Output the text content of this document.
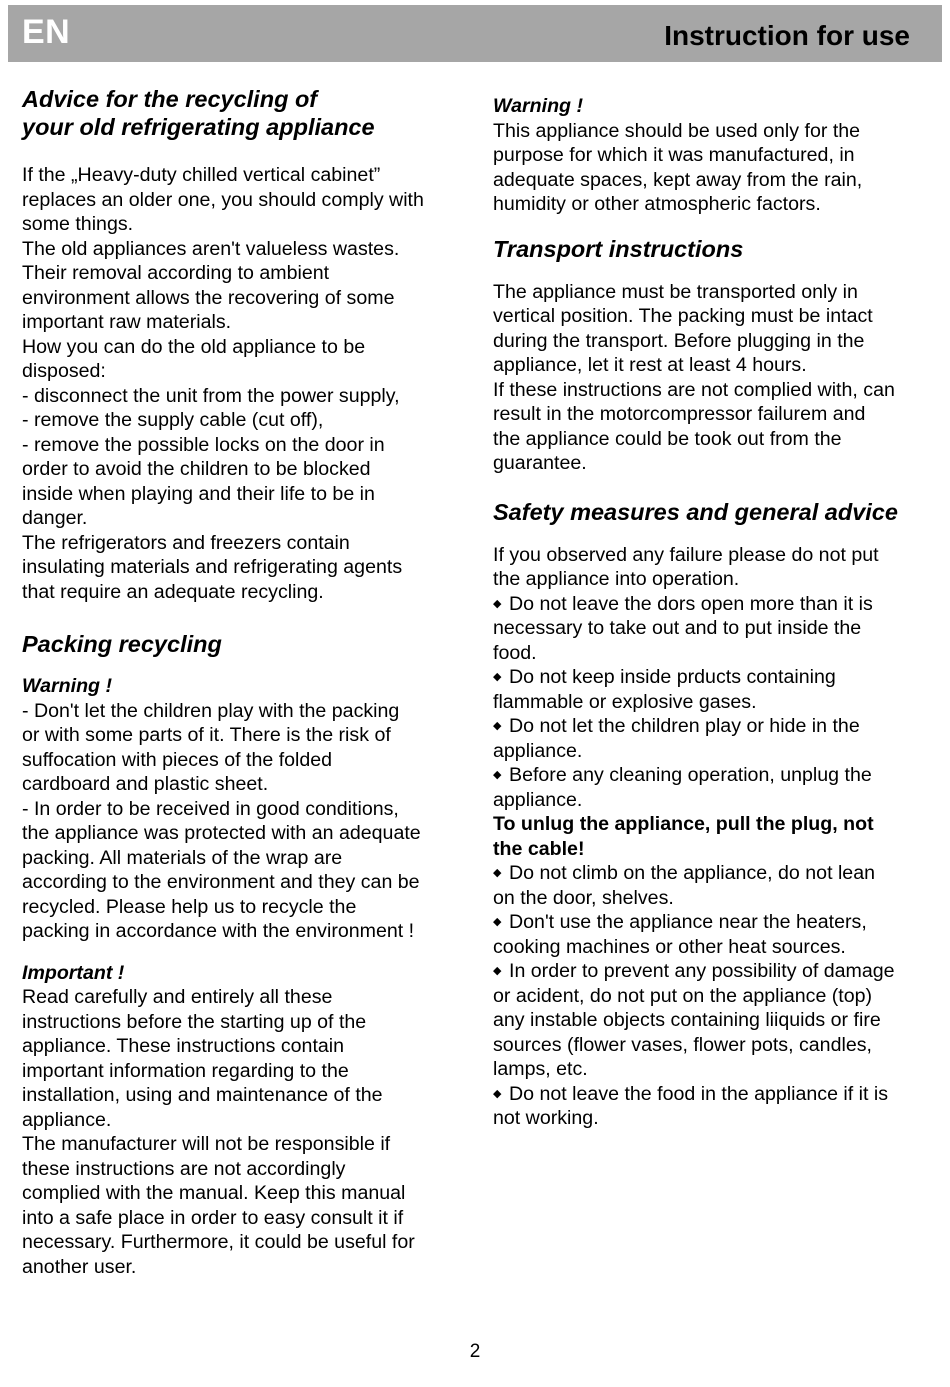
EN	Instruction for use
Advice for the recycling of
your old refrigerating appliance

If the „Heavy-duty chilled vertical cabinet”

replaces an older one, you should comply with

some things.

The old appliances aren't valueless wastes.

Their removal according to ambient

environment allows the recovering of some

important raw materials.

How you can do the old appliance to be

disposed:

- disconnect the unit from the power supply,

- remove the supply cable (cut off),

- remove the possible locks on the door in

order to avoid the children to be blocked

inside when playing and their life to be in

danger.

The refrigerators and freezers contain

insulating materials and refrigerating agents

that require an adequate recycling.

Packing recycling

Warning !

- Don't let the children play with the packing

or with some parts of it. There is the risk of

suffocation with pieces of the folded

cardboard and plastic sheet.

- In order to be received in good conditions,

the appliance was protected with an adequate

packing. All materials of the wrap are

according to the environment and they can be

recycled. Please help us to recycle the

packing in accordance with the environment !

Important !

Read carefully and entirely all these

instructions before the starting up of the

appliance. These instructions contain

important information regarding to the

installation, using and maintenance of the

appliance.

The manufacturer will not be responsible if

these instructions are not accordingly

complied with the manual. Keep this manual

into a safe place in order to easy consult it if

necessary. Furthermore, it could be useful for

another user.

Warning !

This appliance should be used only for the

purpose for which it was manufactured, in

adequate spaces, kept away from the rain,

humidity or other atmospheric factors.

Transport instructions

The appliance must be transported only in

vertical position. The packing must be intact

during the transport. Before plugging in the

appliance, let it rest at least 4 hours.

If these instructions are not complied with, can

result in the motorcompressor failurem and

the appliance could be took out from the

guarantee.

Safety measures and general advice

If you observed any failure please do not put

the appliance into operation.

◆ Do not leave the dors open more than it is

necessary to take out and to put inside the

food.

◆ Do not keep inside prducts containing

flammable or explosive gases.

◆ Do not let the children play or hide in the

appliance.

◆ Before any cleaning operation, unplug the

appliance.

To unlug the appliance, pull the plug, not

the cable!

◆ Do not climb on the appliance, do not lean

on the door, shelves.

◆ Don't use the appliance near the heaters,

cooking machines or other heat sources.

◆ In order to prevent any possibility of damage

or acident, do not put on the appliance (top)

any instable objects containing liiquids or fire

sources (flower vases, flower pots, candles,

lamps, etc.

◆ Do not leave the food in the appliance if it is

not working.

2
